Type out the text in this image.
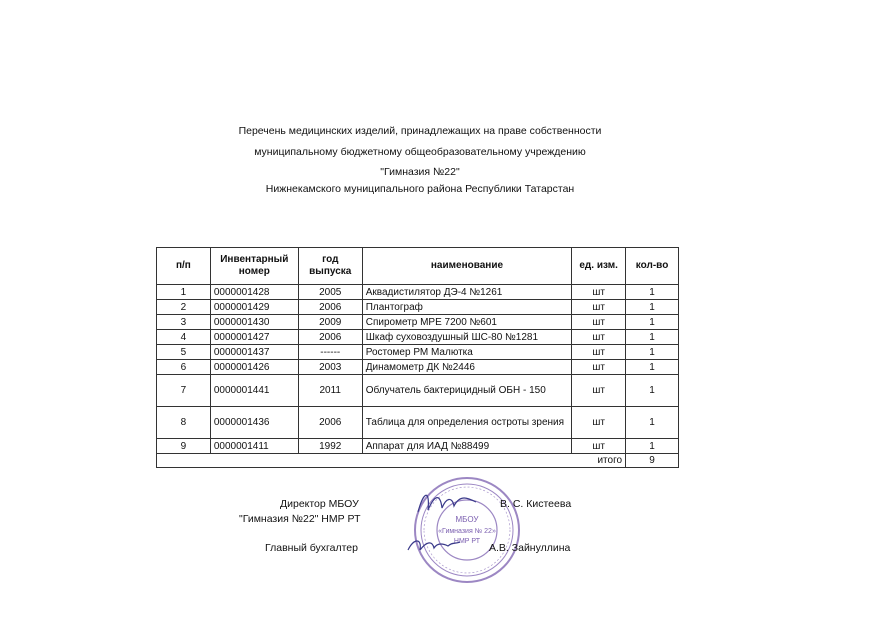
Перечень медицинских изделий, принадлежащих на праве собственности
муниципальному бюджетному общеобразовательному учреждению
"Гимназия №22"
Нижнекамского муниципального района Республики Татарстан
п/п	Инвентарный номер	год выпуска	наименование	ед. изм.	кол-во
1	0000001428	2005	Аквадистилятор ДЭ-4 №1261	шт	1
2	0000001429	2006	Плантограф	шт	1
3	0000001430	2009	Спирометр МРЕ 7200 №601	шт	1
4	0000001427	2006	Шкаф суховоздушный ШС-80 №1281	шт	1
5	0000001437	------	Ростомер РМ Малютка	шт	1
6	0000001426	2003	Динамометр ДК №2446	шт	1
7	0000001441	2011	Облучатель бактерицидный ОБН - 150	шт	1
8	0000001436	2006	Таблица для определения остроты зрения	шт	1
9	0000001411	1992	Аппарат для ИАД №88499	шт	1
итого					9
МБОУ
«Гимназия № 22»
НМР РТ
Директор МБОУ
"Гимназия №22" НМР РТ
В. С. Кистеева
Главный бухгалтер	А.В. Зайнуллина
